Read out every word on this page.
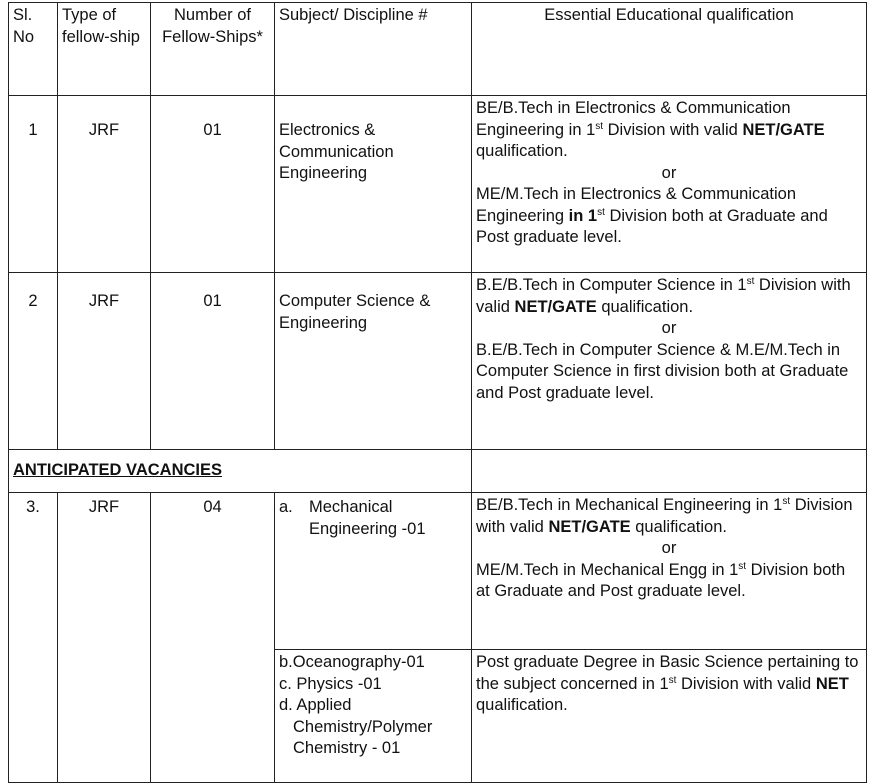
Sl. No	Type of fellow-ship	Number of Fellow-Ships*	Subject/ Discipline #	Essential Educational qualification
1	JRF	01	Electronics & Communication Engineering	BE/B.Tech in Electronics & Communication Engineering in 1st Division with valid NET/GATE qualification.
or
ME/M.Tech in Electronics & Communication Engineering in 1st Division both at Graduate and Post graduate level.
2	JRF	01	Computer Science & Engineering	B.E/B.Tech in Computer Science in 1st Division with valid NET/GATE qualification.
or
B.E/B.Tech in Computer Science & M.E/M.Tech in Computer Science in first division both at Graduate and Post graduate level.
ANTICIPATED VACANCIES				
3.	JRF	04	a. Mechanical Engineering -01	BE/B.Tech in Mechanical Engineering in 1st Division with valid NET/GATE qualification.
or
ME/M.Tech in Mechanical Engg in 1st Division both at Graduate and Post graduate level.

			b.Oceanography-01
c. Physics -01
d. Applied
Chemistry/Polymer Chemistry - 01	Post graduate Degree in Basic Science pertaining to the subject concerned in 1st Division with valid NET qualification.
